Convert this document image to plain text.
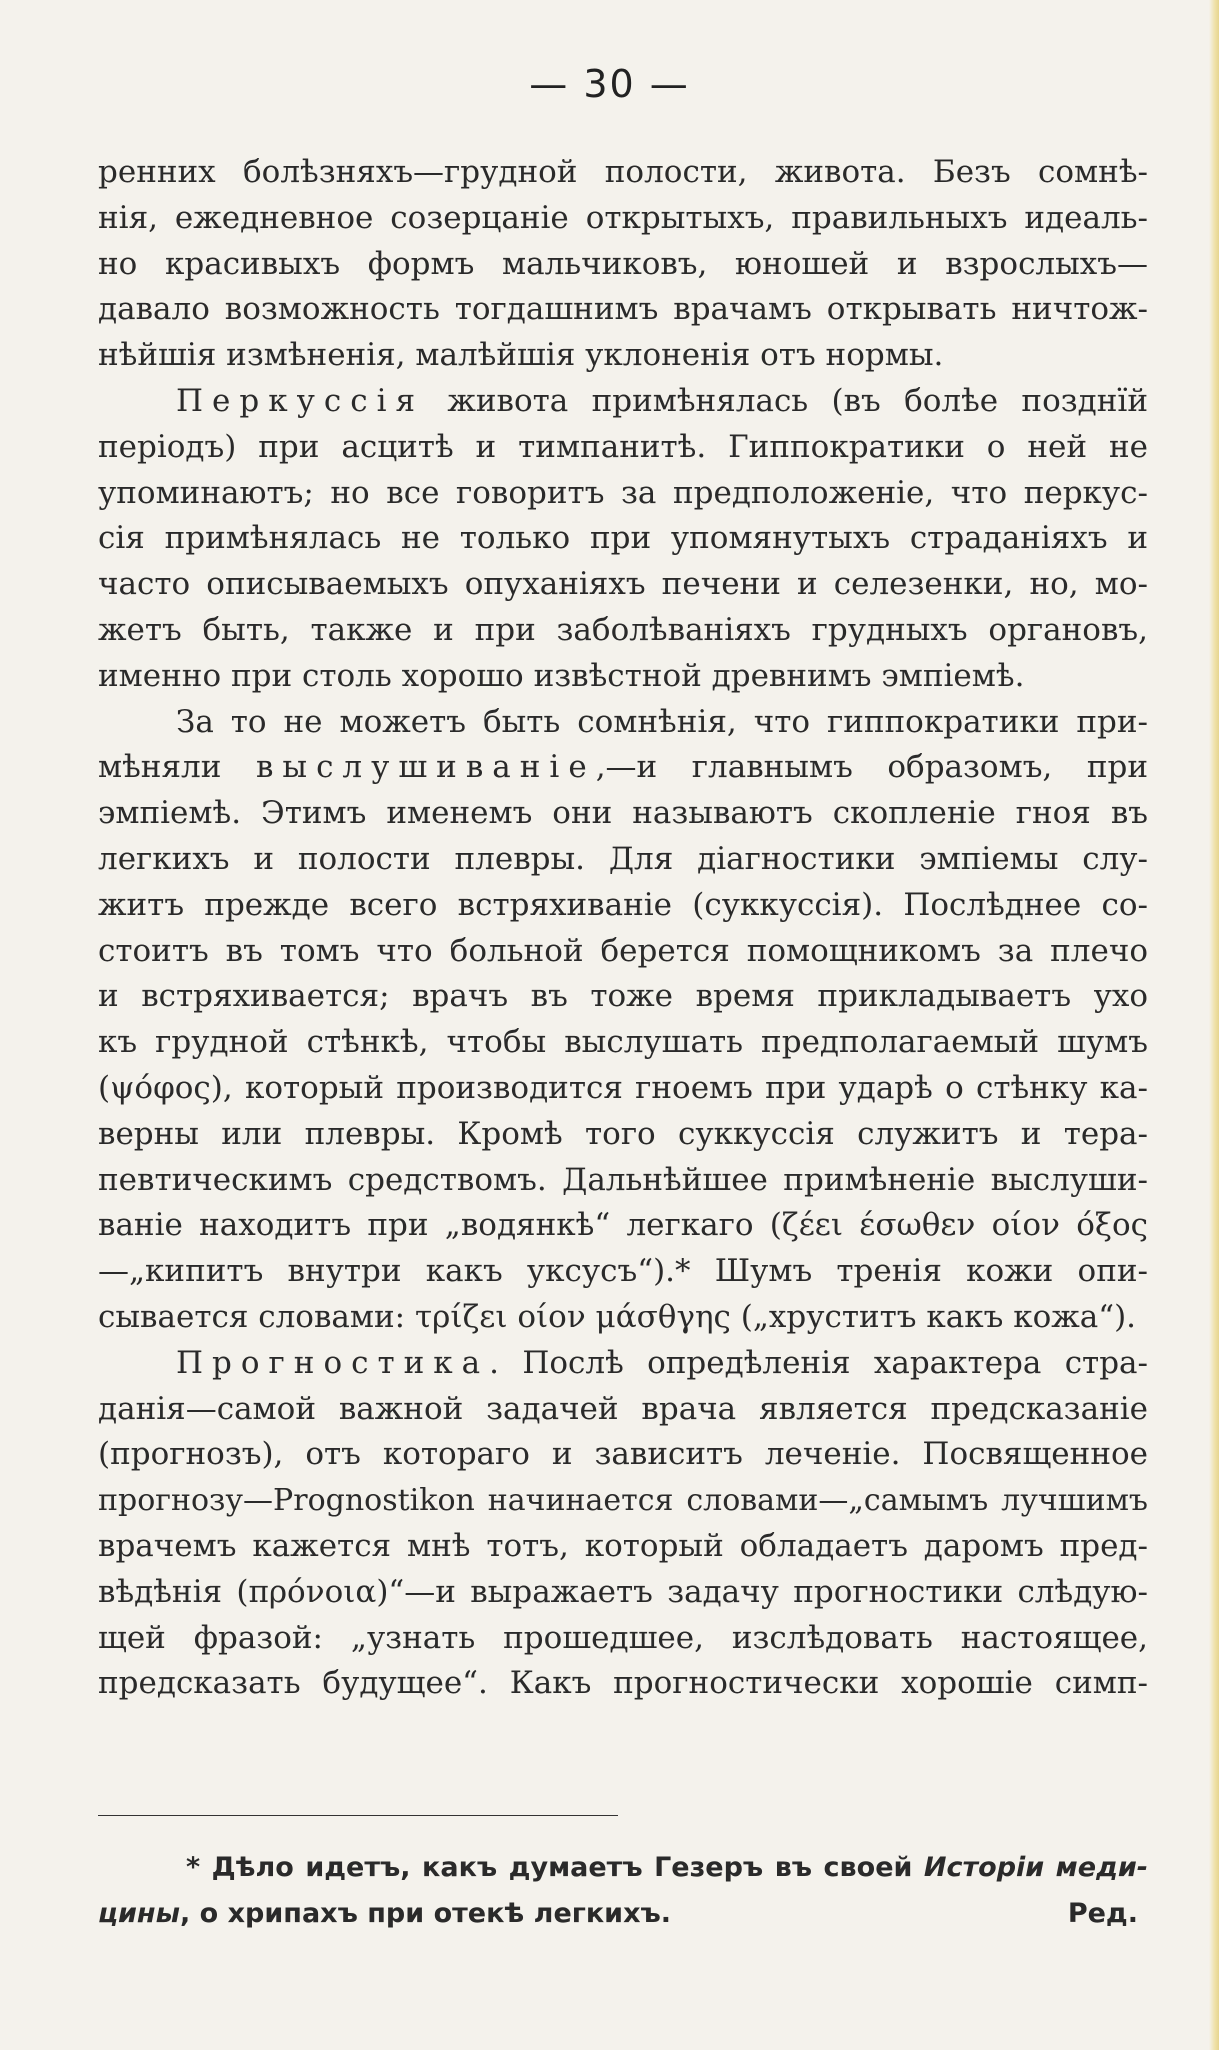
— 30 —
ренних болѣзняхъ—грудной полости, живота. Безъ сомнѣ-
нія, ежедневное созерцаніе открытыхъ, правильныхъ идеаль-
но красивыхъ формъ мальчиковъ, юношей и взрослыхъ—
давало возможность тогдашнимъ врачамъ открывать ничтож-
нѣйшія измѣненія, малѣйшія уклоненія отъ нормы.
Перкуссія живота примѣнялась (въ болѣе позднїй
періодъ) при асцитѣ и тимпанитѣ. Гиппократики о ней не
упоминаютъ; но все говоритъ за предположеніе, что перкус-
сія примѣнялась не только при упомянутыхъ страданіяхъ и
часто описываемыхъ опуханіяхъ печени и селезенки, но, мо-
жетъ быть, также и при заболѣваніяхъ грудныхъ органовъ,
именно при столь хорошо извѣстной древнимъ эмпіемѣ.
За то не можетъ быть сомнѣнія, что гиппократики при-
мѣняли выслушиваніе,—и главнымъ образомъ, при
эмпіемѣ. Этимъ именемъ они называютъ скопленіе гноя въ
легкихъ и полости плевры. Для діагностики эмпіемы слу-
житъ прежде всего встряхиваніе (суккуссія). Послѣднее со-
стоитъ въ томъ что больной берется помощникомъ за плечо
и встряхивается; врачъ въ тоже время прикладываетъ ухо
къ грудной стѣнкѣ, чтобы выслушать предполагаемый шумъ
(ψόφος), который производится гноемъ при ударѣ о стѣнку ка-
верны или плевры. Кромѣ того суккуссія служитъ и тера-
певтическимъ средствомъ. Дальнѣйшее примѣненіе выслуши-
ваніе находитъ при „водянкѣ“ легкаго (ζέει έσωθεν οίον όξος
—„кипитъ внутри какъ уксусъ“).* Шумъ тренія кожи опи-
сывается словами: τρίζει οίον μάσθγης („хруститъ какъ кожа“).
Прогностика. Послѣ опредѣленія характера стра-
данія—самой важной задачей врача является предсказаніе
(прогнозъ), отъ котораго и зависитъ леченіе. Посвященное
прогнозу—Prognostikon начинается словами—„самымъ лучшимъ
врачемъ кажется мнѣ тотъ, который обладаетъ даромъ пред-
вѣдѣнія (πρόνοια)“—и выражаетъ задачу прогностики слѣдую-
щей фразой: „узнать прошедшее, изслѣдовать настоящее,
предсказать будущее“. Какъ прогностически хорошіе симп-
* Дѣло идетъ, какъ думаетъ Гезеръ въ своей Исторіи меди-
цины, о хрипахъ при отекѣ легкихъ.	Ред.
